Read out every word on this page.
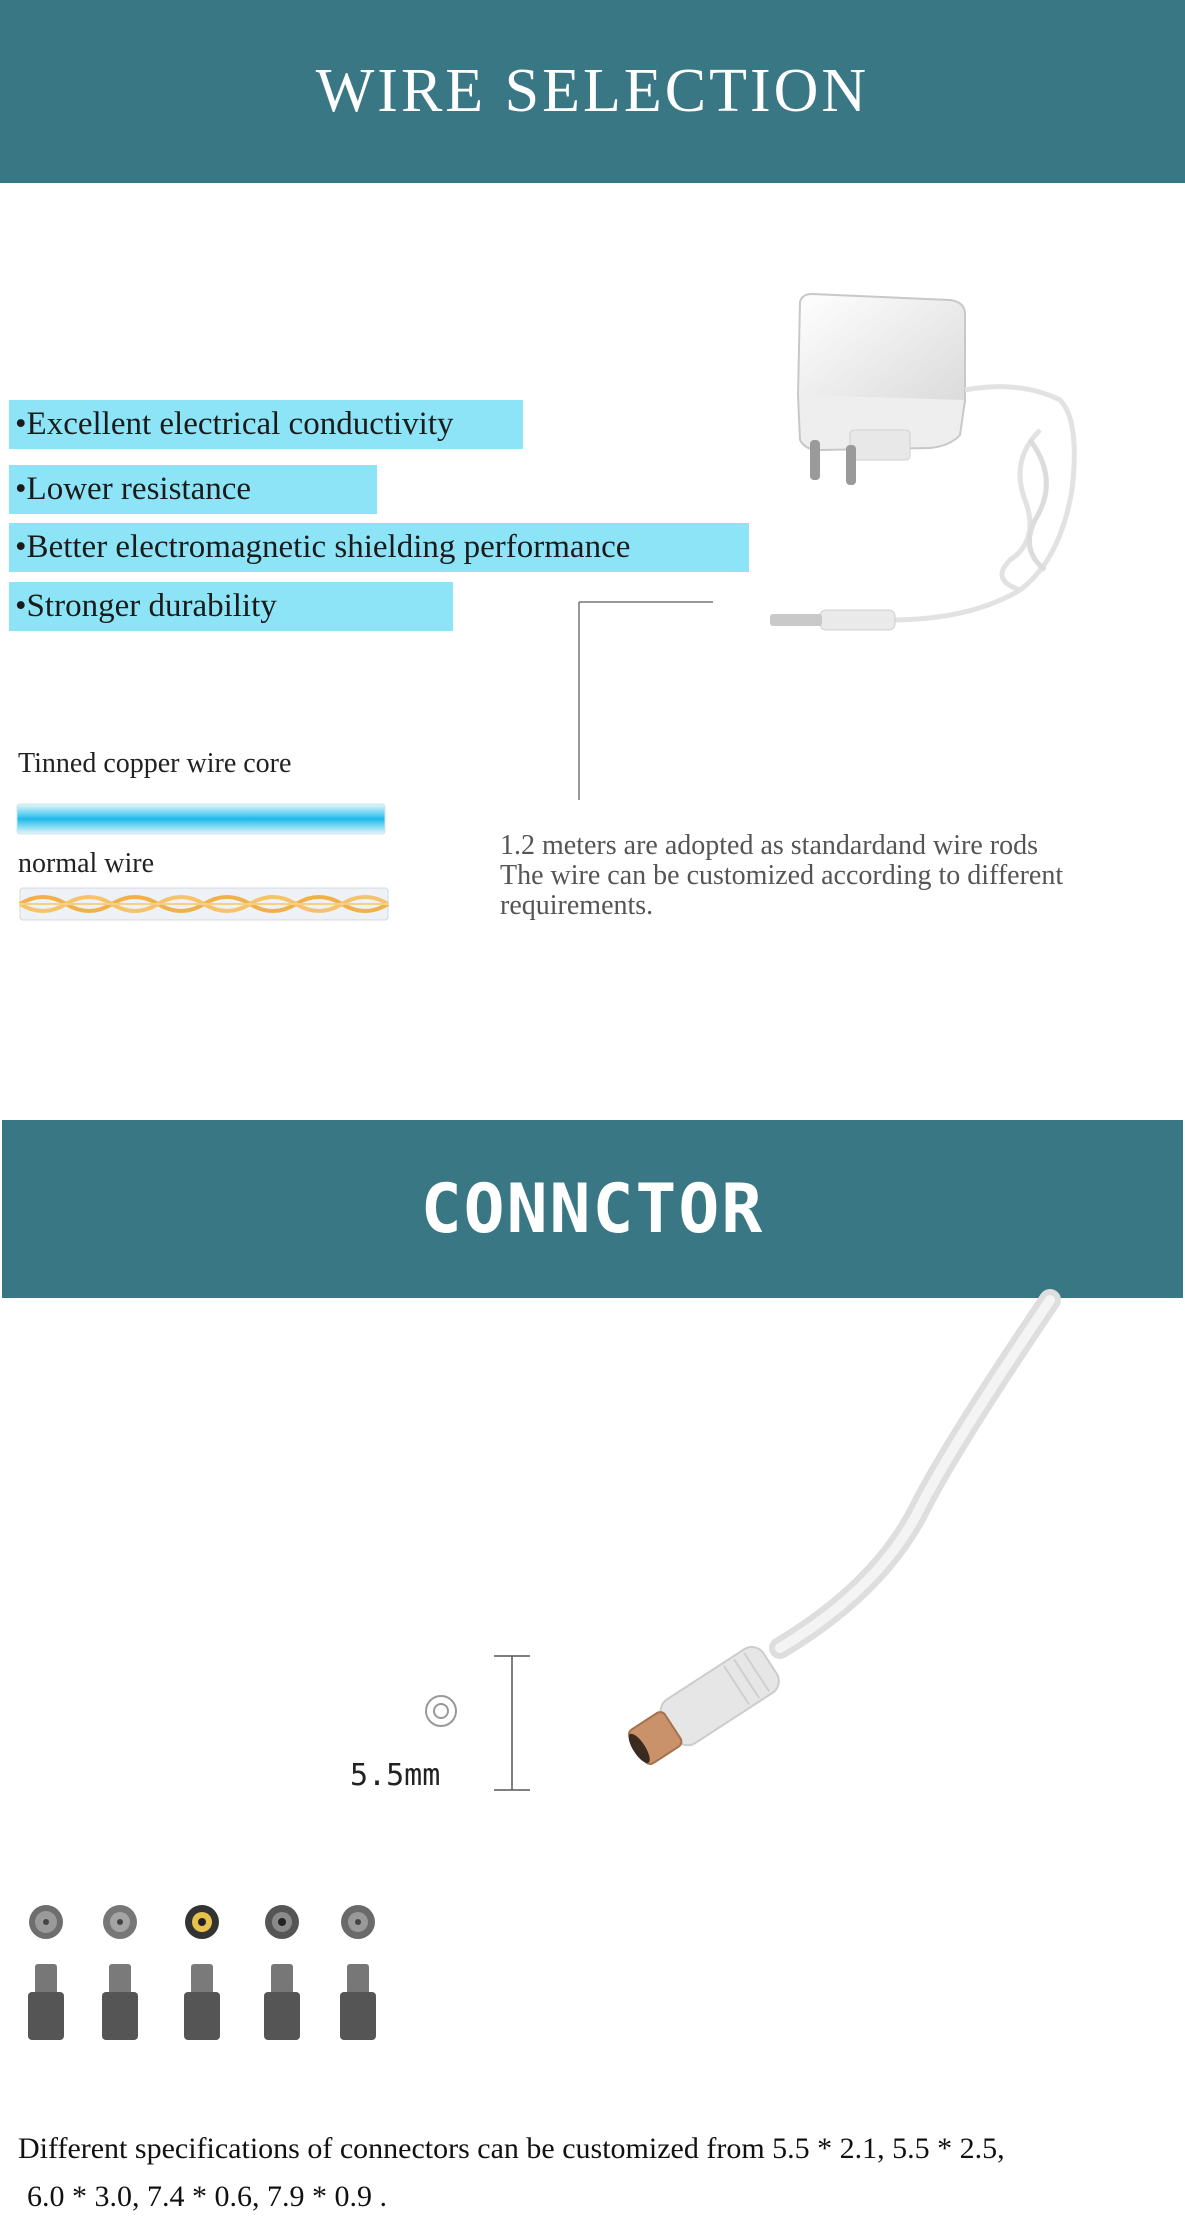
WIRE SELECTION
•Excellent electrical conductivity
•Lower resistance
•Better electromagnetic shielding performance
•Stronger durability
Tinned copper wire core
normal wire
1.2 meters are adopted as standardand wire rods
The wire can be customized according to different
requirements.
CONNCTOR
5.5mm
Different specifications of connectors can be customized from 5.5 * 2.1, 5.5 * 2.5,
6.0 * 3.0, 7.4 * 0.6, 7.9 * 0.9 .
